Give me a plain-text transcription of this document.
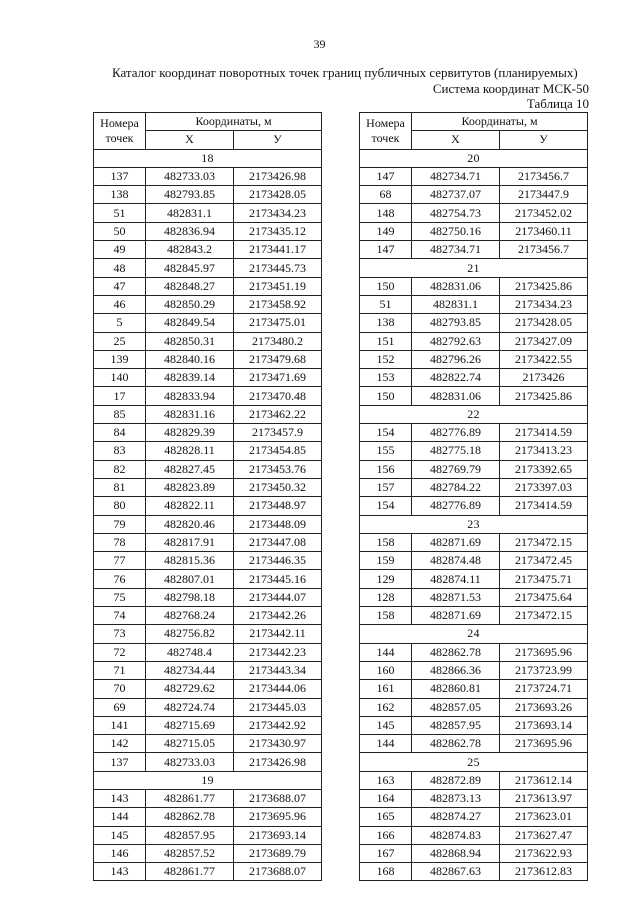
39
Каталог координат поворотных точек границ публичных сервитутов (планируемых)
Система координат МСК-50
Таблица 10
Номера
точек	Координаты, м	
	X	У
18		
137	482733.03	2173426.98
138	482793.85	2173428.05
51	482831.1	2173434.23
50	482836.94	2173435.12
49	482843.2	2173441.17
48	482845.97	2173445.73
47	482848.27	2173451.19
46	482850.29	2173458.92
5	482849.54	2173475.01
25	482850.31	2173480.2
139	482840.16	2173479.68
140	482839.14	2173471.69
17	482833.94	2173470.48
85	482831.16	2173462.22
84	482829.39	2173457.9
83	482828.11	2173454.85
82	482827.45	2173453.76
81	482823.89	2173450.32
80	482822.11	2173448.97
79	482820.46	2173448.09
78	482817.91	2173447.08
77	482815.36	2173446.35
76	482807.01	2173445.16
75	482798.18	2173444.07
74	482768.24	2173442.26
73	482756.82	2173442.11
72	482748.4	2173442.23
71	482734.44	2173443.34
70	482729.62	2173444.06
69	482724.74	2173445.03
141	482715.69	2173442.92
142	482715.05	2173430.97
137	482733.03	2173426.98
19		
143	482861.77	2173688.07
144	482862.78	2173695.96
145	482857.95	2173693.14
146	482857.52	2173689.79
143	482861.77	2173688.07
Номера
точек	Координаты, м	
	X	У
20		
147	482734.71	2173456.7
68	482737.07	2173447.9
148	482754.73	2173452.02
149	482750.16	2173460.11
147	482734.71	2173456.7
21		
150	482831.06	2173425.86
51	482831.1	2173434.23
138	482793.85	2173428.05
151	482792.63	2173427.09
152	482796.26	2173422.55
153	482822.74	2173426
150	482831.06	2173425.86
22		
154	482776.89	2173414.59
155	482775.18	2173413.23
156	482769.79	2173392.65
157	482784.22	2173397.03
154	482776.89	2173414.59
23		
158	482871.69	2173472.15
159	482874.48	2173472.45
129	482874.11	2173475.71
128	482871.53	2173475.64
158	482871.69	2173472.15
24		
144	482862.78	2173695.96
160	482866.36	2173723.99
161	482860.81	2173724.71
162	482857.05	2173693.26
145	482857.95	2173693.14
144	482862.78	2173695.96
25		
163	482872.89	2173612.14
164	482873.13	2173613.97
165	482874.27	2173623.01
166	482874.83	2173627.47
167	482868.94	2173622.93
168	482867.63	2173612.83
